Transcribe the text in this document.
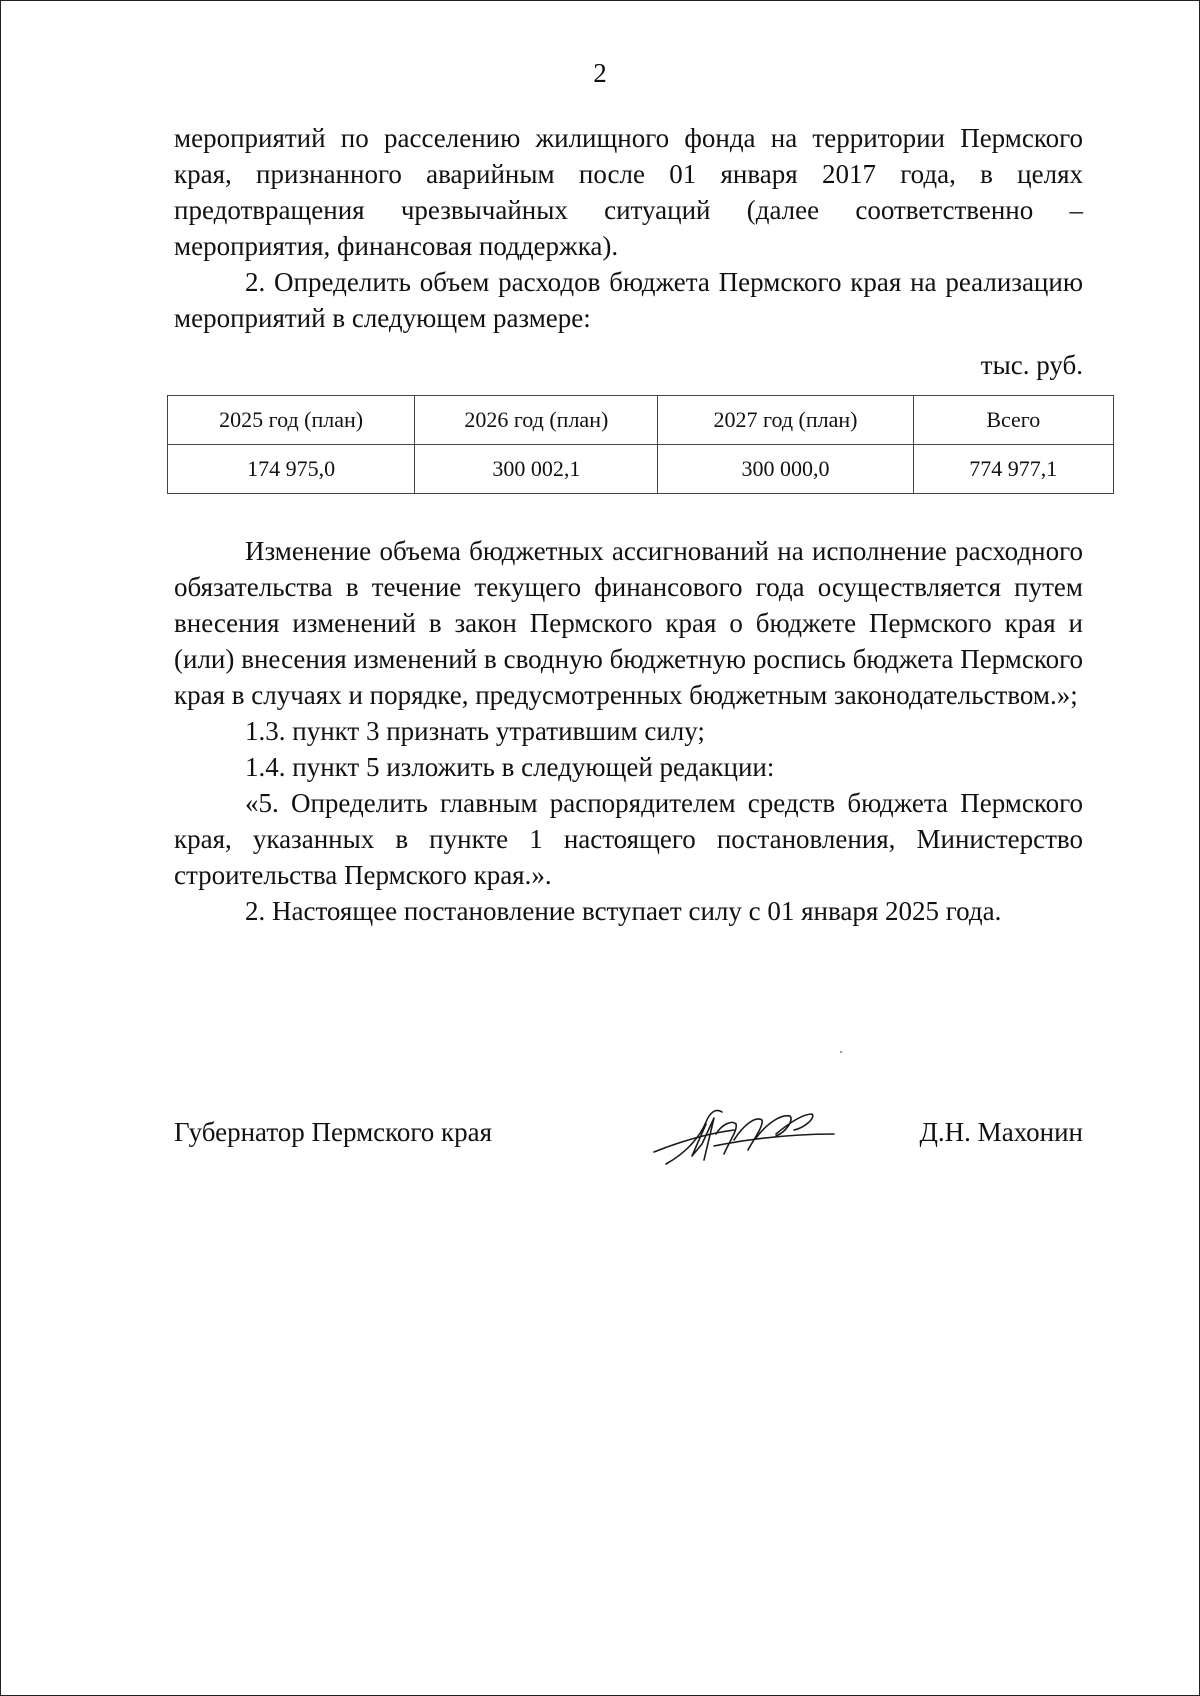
2

мероприятий по расселению жилищного фонда на территории Пермского края, признанного аварийным после 01 января 2017 года, в целях предотвращения чрезвычайных ситуаций (далее соответственно – мероприятия, финансовая поддержка).

2. Определить объем расходов бюджета Пермского края на реализацию мероприятий в следующем размере:

тыс. руб.
2025 год (план)	2026 год (план)	2027 год (план)	Всего
174 975,0	300 002,1	300 000,0	774 977,1

Изменение объема бюджетных ассигнований на исполнение расходного обязательства в течение текущего финансового года осуществляется путем внесения изменений в закон Пермского края о бюджете Пермского края и (или) внесения изменений в сводную бюджетную роспись бюджета Пермского края в случаях и порядке, предусмотренных бюджетным законодательством.»;

1.3. пункт 3 признать утратившим силу;

1.4. пункт 5 изложить в следующей редакции:

«5. Определить главным распорядителем средств бюджета Пермского края, указанных в пункте 1 настоящего постановления, Министерство строительства Пермского края.».

2. Настоящее постановление вступает силу с 01 января 2025 года.

Губернатор Пермского края	Д.Н. Махонин
